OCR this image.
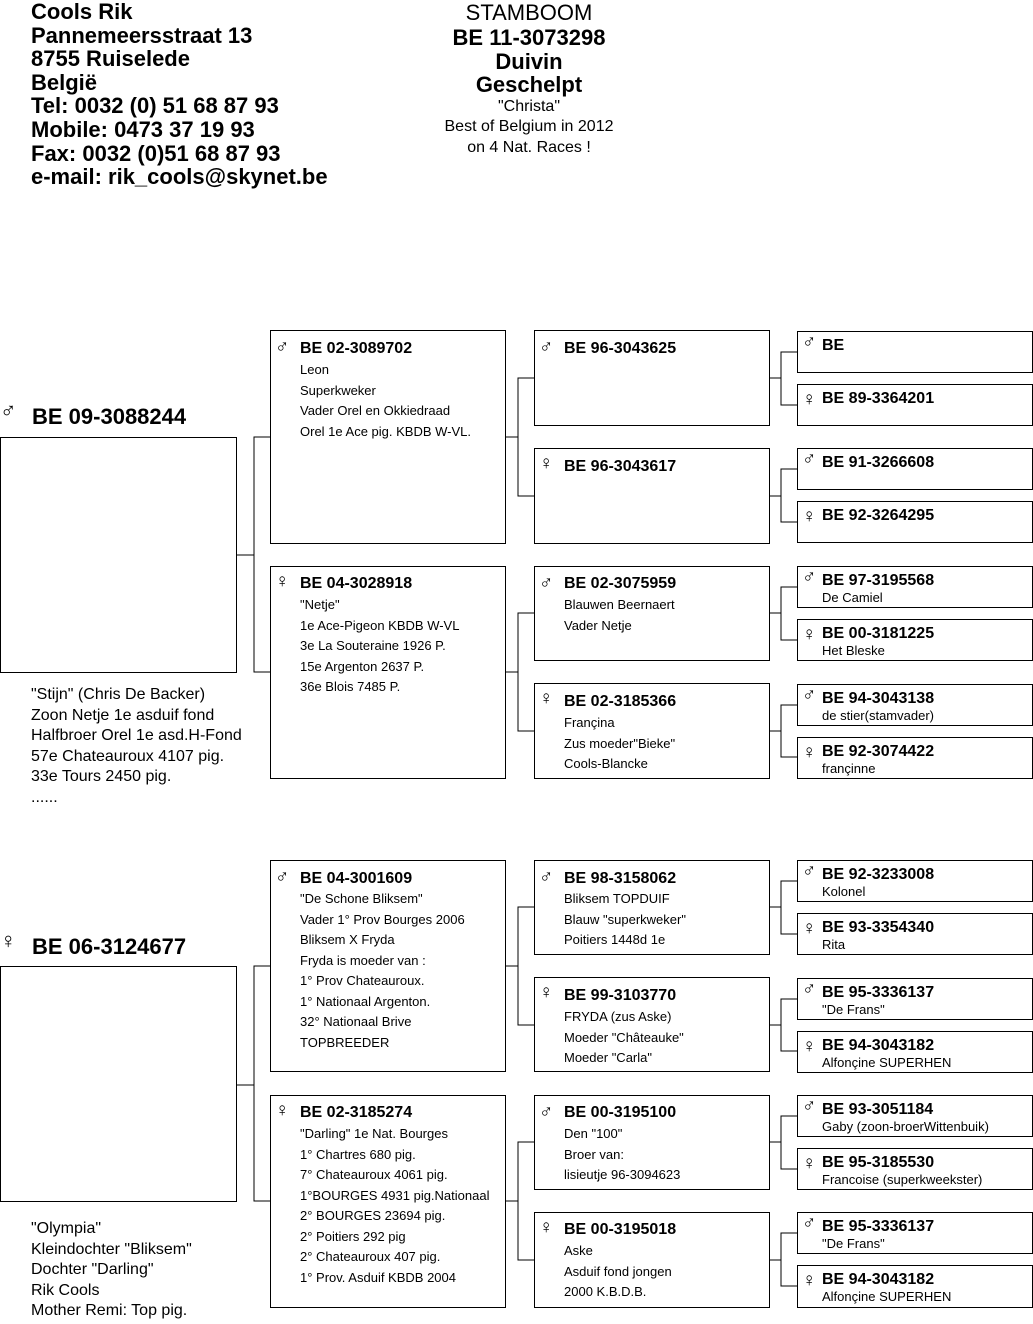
Cools Rik
Pannemeersstraat 13
8755 Ruiselede
België
Tel: 0032 (0) 51 68 87 93
Mobile: 0473 37 19 93
Fax: 0032 (0)51 68 87 93
e-mail: rik_cools@skynet.be
STAMBOOM
BE 11-3073298
Duivin
Geschelpt
"Christa"
Best of Belgium in 2012
on 4 Nat. Races !
♂ BE 09-3088244
"Stijn" (Chris De Backer)
Zoon Netje 1e asduif fond
Halfbroer Orel 1e asd.H-Fond
57e Chateauroux 4107 pig.
33e Tours 2450 pig.
......
♀ BE 06-3124677
"Olympia"
Kleindochter "Bliksem"
Dochter "Darling"
Rik Cools
Mother Remi: Top pig.
♂ BE 02-3089702
Leon
Superkweker
Vader Orel en Okkiedraad
Orel 1e Ace pig. KBDB W-VL.
♀ BE 04-3028918
"Netje"
1e Ace-Pigeon KBDB W-VL
3e La Souteraine 1926 P.
15e Argenton 2637 P.
36e Blois 7485 P.
♂ BE 04-3001609
"De Schone Bliksem"
Vader 1° Prov Bourges 2006
Bliksem X Fryda
Fryda is moeder van :
1° Prov Chateauroux.
1° Nationaal Argenton.
32° Nationaal Brive
TOPBREEDER
♀ BE 02-3185274
"Darling" 1e Nat. Bourges
1° Chartres 680 pig.
7° Chateauroux 4061 pig.
1°BOURGES 4931 pig.Nationaal
2° BOURGES 23694 pig.
2° Poitiers 292 pig
2° Chateauroux 407 pig.
1° Prov. Asduif KBDB 2004
♂ BE 96-3043625
♀ BE 96-3043617
♂ BE 02-3075959
Blauwen Beernaert
Vader Netje
♀ BE 02-3185366
Françina
Zus moeder"Bieke"
Cools-Blancke
♂ BE 98-3158062
Bliksem TOPDUIF
Blauw "superkweker"
Poitiers 1448d 1e
♀ BE 99-3103770
FRYDA (zus Aske)
Moeder "Châteauke"
Moeder "Carla"
♂ BE 00-3195100
Den "100"
Broer van:
lisieutje 96-3094623
♀ BE 00-3195018
Aske
Asduif fond jongen
2000 K.B.D.B.
♂ BE
♀ BE 89-3364201
♂ BE 91-3266608
♀ BE 92-3264295
♂ BE 97-3195568
De Camiel
♀ BE 00-3181225
Het Bleske
♂ BE 94-3043138
de stier(stamvader)
♀ BE 92-3074422
françinne
♂ BE 92-3233008
Kolonel
♀ BE 93-3354340
Rita
♂ BE 95-3336137
"De Frans"
♀ BE 94-3043182
Alfonçine SUPERHEN
♂ BE 93-3051184
Gaby (zoon-broerWittenbuik)
♀ BE 95-3185530
Francoise (superkweekster)
♂ BE 95-3336137
"De Frans"
♀ BE 94-3043182
Alfonçine SUPERHEN
